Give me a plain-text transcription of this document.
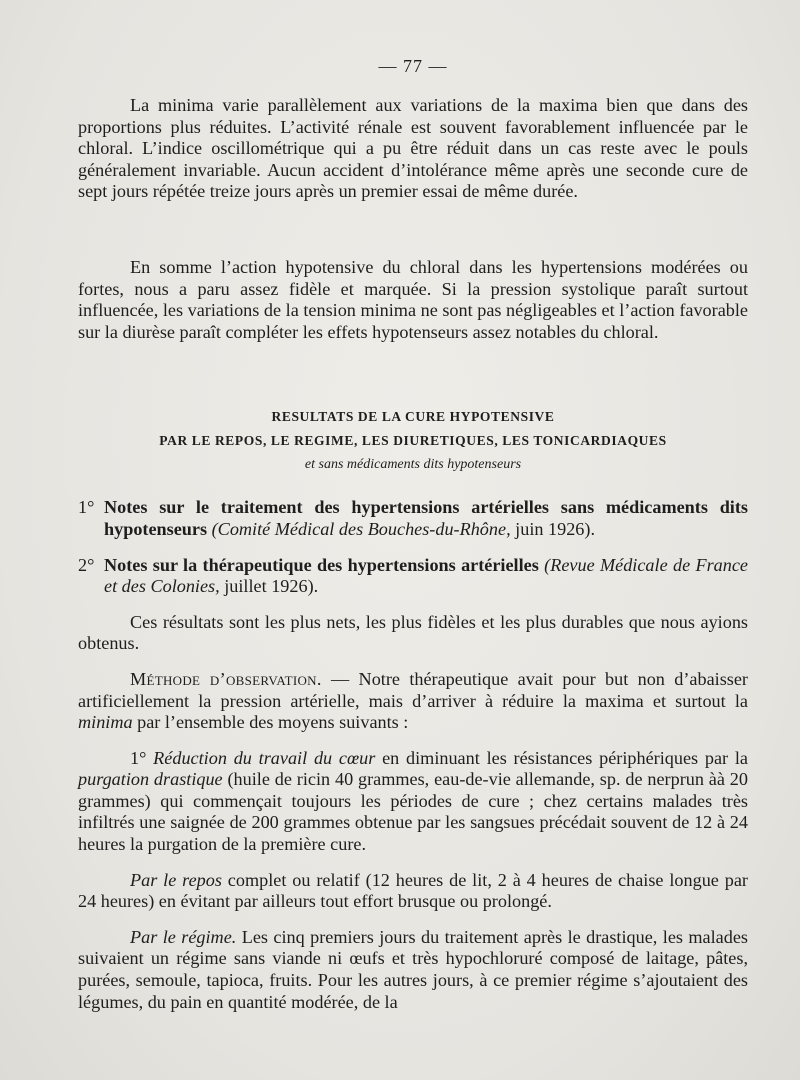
— 77 —

La minima varie parallèlement aux variations de la maxima bien que dans des proportions plus réduites. L’activité rénale est souvent favorablement influencée par le chloral. L’indice oscillométrique qui a pu être réduit dans un cas reste avec le pouls généralement invariable. Aucun accident d’intolérance même après une seconde cure de sept jours répétée treize jours après un premier essai de même durée.

En somme l’action hypotensive du chloral dans les hypertensions modérées ou fortes, nous a paru assez fidèle et marquée. Si la pression systolique paraît surtout influencée, les variations de la tension minima ne sont pas négligeables et l’action favorable sur la diurèse paraît compléter les effets hypotenseurs assez notables du chloral.

RESULTATS DE LA CURE HYPOTENSIVE
PAR LE REPOS, LE REGIME, LES DIURETIQUES, LES TONICARDIAQUES
et sans médicaments dits hypotenseurs
1° Notes sur le traitement des hypertensions artérielles sans médicaments dits hypotenseurs (Comité Médical des Bouches-du-Rhône, juin 1926).
2° Notes sur la thérapeutique des hypertensions artérielles (Revue Médicale de France et des Colonies, juillet 1926).

Ces résultats sont les plus nets, les plus fidèles et les plus durables que nous ayions obtenus.

Méthode d’observation. — Notre thérapeutique avait pour but non d’abaisser artificiellement la pression artérielle, mais d’arriver à réduire la maxima et surtout la minima par l’ensemble des moyens suivants :

1° Réduction du travail du cœur en diminuant les résistances périphériques par la purgation drastique (huile de ricin 40 grammes, eau-de-vie allemande, sp. de nerprun àà 20 grammes) qui commençait toujours les périodes de cure ; chez certains malades très infiltrés une saignée de 200 grammes obtenue par les sangsues précédait souvent de 12 à 24 heures la purgation de la première cure.

Par le repos complet ou relatif (12 heures de lit, 2 à 4 heures de chaise longue par 24 heures) en évitant par ailleurs tout effort brusque ou prolongé.

Par le régime. Les cinq premiers jours du traitement après le drastique, les malades suivaient un régime sans viande ni œufs et très hypochloruré composé de laitage, pâtes, purées, semoule, tapioca, fruits. Pour les autres jours, à ce premier régime s’ajoutaient des légumes, du pain en quantité modérée, de la
